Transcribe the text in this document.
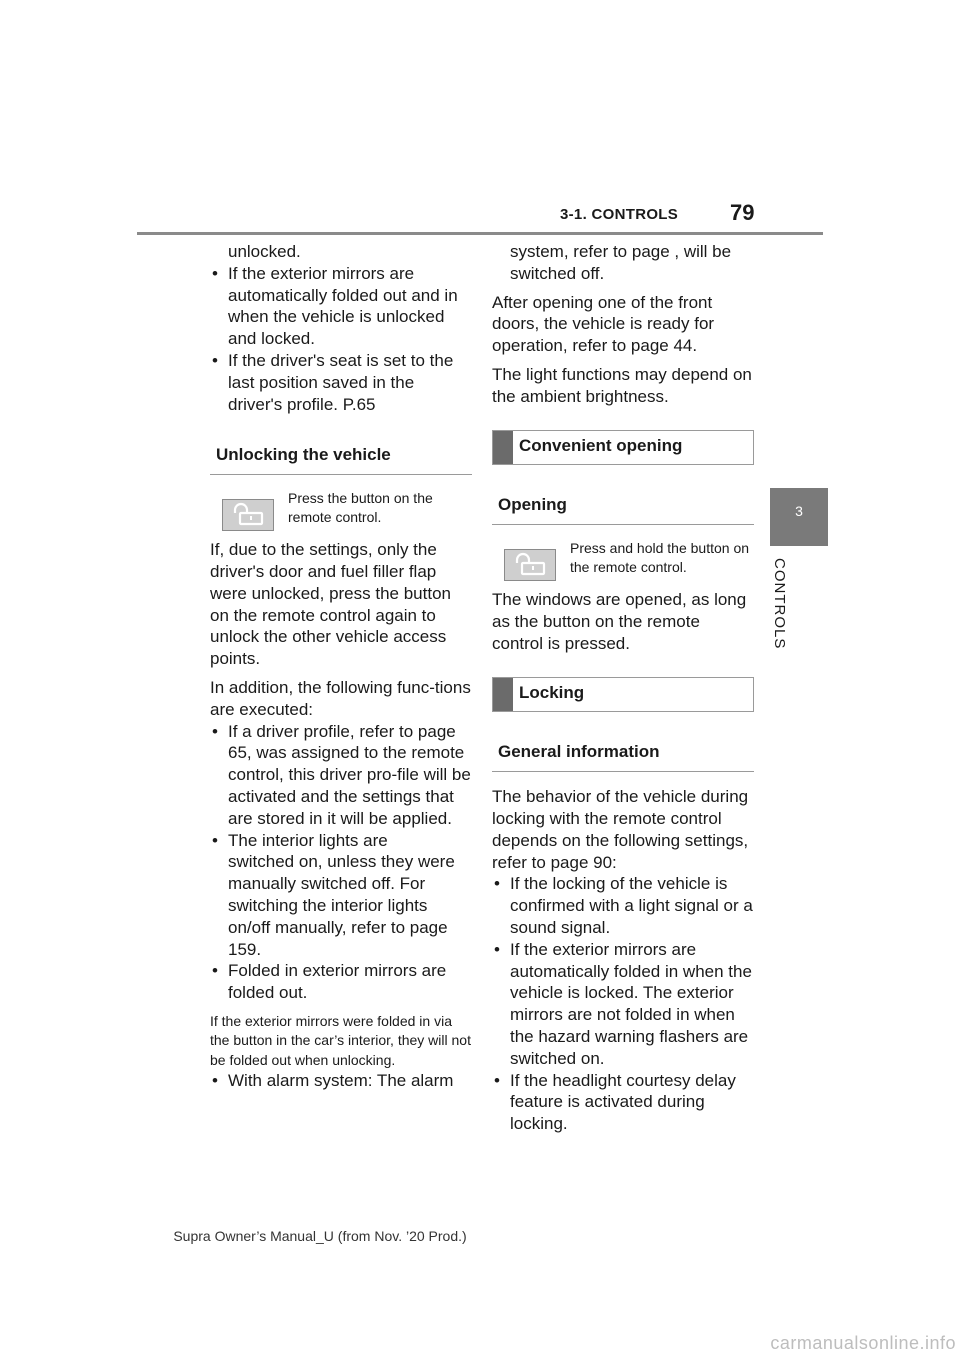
3-1. CONTROLS 79
3
CONTROLS

unlocked.

• If the exterior mirrors are
automatically folded out and in when the vehicle is unlocked and locked.
• If the driver's seat is set to the
last position saved in the driver's profile. P.65
Unlocking the vehicle
Press the button on the remote control.

If, due to the settings, only the driver's door and fuel filler flap were unlocked, press the button on the remote control again to unlock the other vehicle access points.

In addition, the following func-tions are executed:

• If a driver profile, refer to page
65, was assigned to the remote control, this driver pro-file will be activated and the settings that are stored in it will be applied.
• The interior lights are
switched on, unless they were manually switched off. For switching the interior lights on/off manually, refer to page 159.
• Folded in exterior mirrors are
folded out.

If the exterior mirrors were folded in via the button in the car’s interior, they will not be folded out when unlocking.

• With alarm system: The alarm

system, refer to page , will be switched off.

After opening one of the front doors, the vehicle is ready for operation, refer to page 44.

The light functions may depend on the ambient brightness.

Convenient opening
Opening
Press and hold the button on the remote control.

The windows are opened, as long as the button on the remote control is pressed.

Locking
General information

The behavior of the vehicle during locking with the remote control depends on the following settings, refer to page 90:

• If the locking of the vehicle is
confirmed with a light signal or a sound signal.
• If the exterior mirrors are
automatically folded in when the vehicle is locked. The exterior mirrors are not folded in when the hazard warning flashers are switched on.
• If the headlight courtesy delay
feature is activated during locking.
Supra Owner’s Manual_U (from Nov. ’20 Prod.)
carmanualsonline.info
